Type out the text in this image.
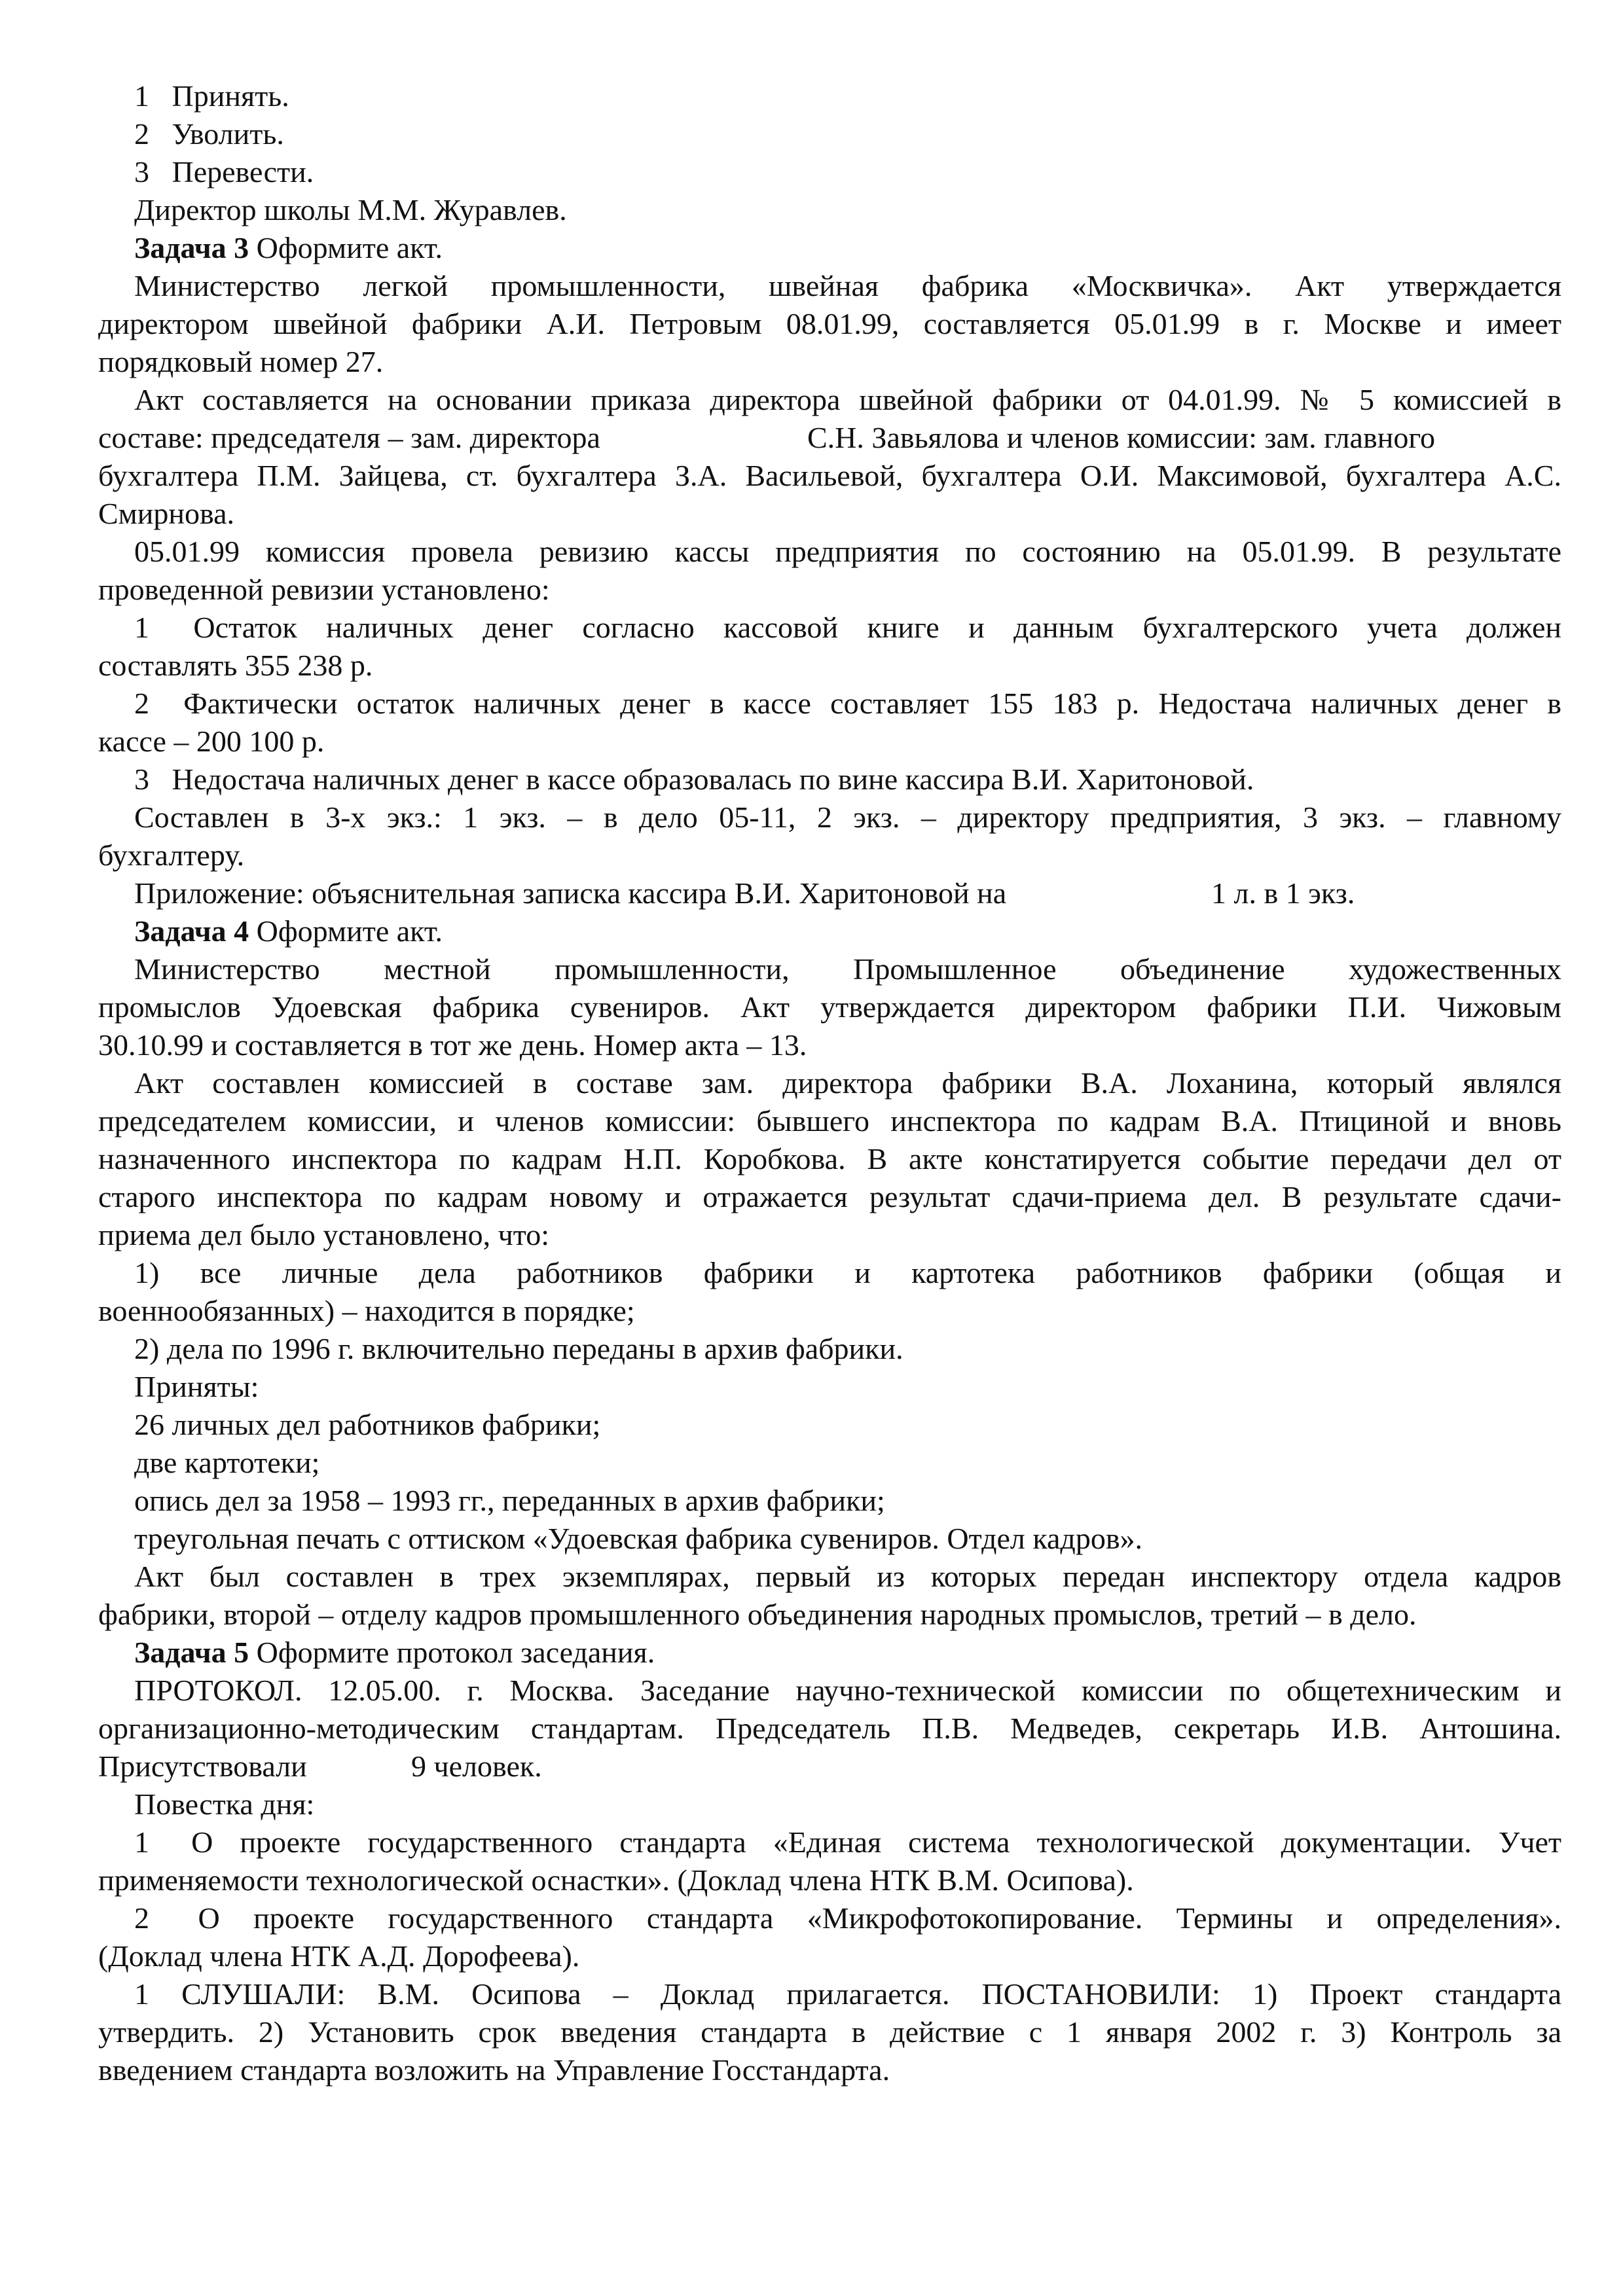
1  Принять.

2  Уволить.

3  Перевести.

Директор школы М.М. Журавлев.

Задача 3 Оформите акт.

Министерство легкой промышленности, швейная фабрика «Москвичка». Акт утверждается

директором швейной фабрики А.И. Петровым 08.01.99, составляется 05.01.99 в г. Москве и имеет

порядковый номер 27.

Акт составляется на основании приказа директора швейной фабрики от 04.01.99. № 5 комиссией в

составе: председателя – зам. директора	С.Н. Завьялова и членов комиссии: зам. главного

бухгалтера П.М. Зайцева, ст. бухгалтера З.А. Васильевой, бухгалтера О.И. Максимовой, бухгалтера А.С.

Смирнова.

05.01.99 комиссия провела ревизию кассы предприятия по состоянию на 05.01.99. В результате

проведенной ревизии установлено:

1  Остаток наличных денег согласно кассовой книге и данным бухгалтерского учета должен

составлять 355 238 р.

2  Фактически остаток наличных денег в кассе составляет 155 183 р. Недостача наличных денег в

кассе – 200 100 р.

3  Недостача наличных денег в кассе образовалась по вине кассира В.И. Харитоновой.

Составлен в 3-х экз.: 1 экз. – в дело 05-11, 2 экз. – директору предприятия, 3 экз. – главному

бухгалтеру.

Приложение: объяснительная записка кассира В.И. Харитоновой на	1 л. в 1 экз.

Задача 4 Оформите акт.

Министерство местной промышленности, Промышленное объединение художественных

промыслов Удоевская фабрика сувениров. Акт утверждается директором фабрики П.И. Чижовым

30.10.99 и составляется в тот же день. Номер акта – 13.

Акт составлен комиссией в составе зам. директора фабрики В.А. Лоханина, который являлся

председателем комиссии, и членов комиссии: бывшего инспектора по кадрам В.А. Птициной и вновь

назначенного инспектора по кадрам Н.П. Коробкова. В акте констатируется событие передачи дел от

старого инспектора по кадрам новому и отражается результат сдачи-приема дел. В результате сдачи-

приема дел было установлено, что:

1) все личные дела работников фабрики и картотека работников фабрики (общая и

военнообязанных) – находится в порядке;

2) дела по 1996 г. включительно переданы в архив фабрики.

Приняты:

26 личных дел работников фабрики;

две картотеки;

опись дел за 1958 – 1993 гг., переданных в архив фабрики;

треугольная печать с оттиском «Удоевская фабрика сувениров. Отдел кадров».

Акт был составлен в трех экземплярах, первый из которых передан инспектору отдела кадров

фабрики, второй – отделу кадров промышленного объединения народных промыслов, третий – в дело.

Задача 5 Оформите протокол заседания.

ПРОТОКОЛ. 12.05.00. г. Москва. Заседание научно-технической комиссии по общетехническим и

организационно-методическим стандартам. Председатель П.В. Медведев, секретарь И.В. Антошина.

Присутствовали	9 человек.

Повестка дня:

1  О проекте государственного стандарта «Единая система технологической документации. Учет

применяемости технологической оснастки». (Доклад члена НТК В.М. Осипова).

2  О проекте государственного стандарта «Микрофотокопирование. Термины и определения».

(Доклад члена НТК А.Д. Дорофеева).

1 СЛУШАЛИ: В.М. Осипова – Доклад прилагается. ПОСТАНОВИЛИ: 1) Проект стандарта

утвердить. 2) Установить срок введения стандарта в действие с 1 января 2002 г. 3) Контроль за

введением стандарта возложить на Управление Госстандарта.
